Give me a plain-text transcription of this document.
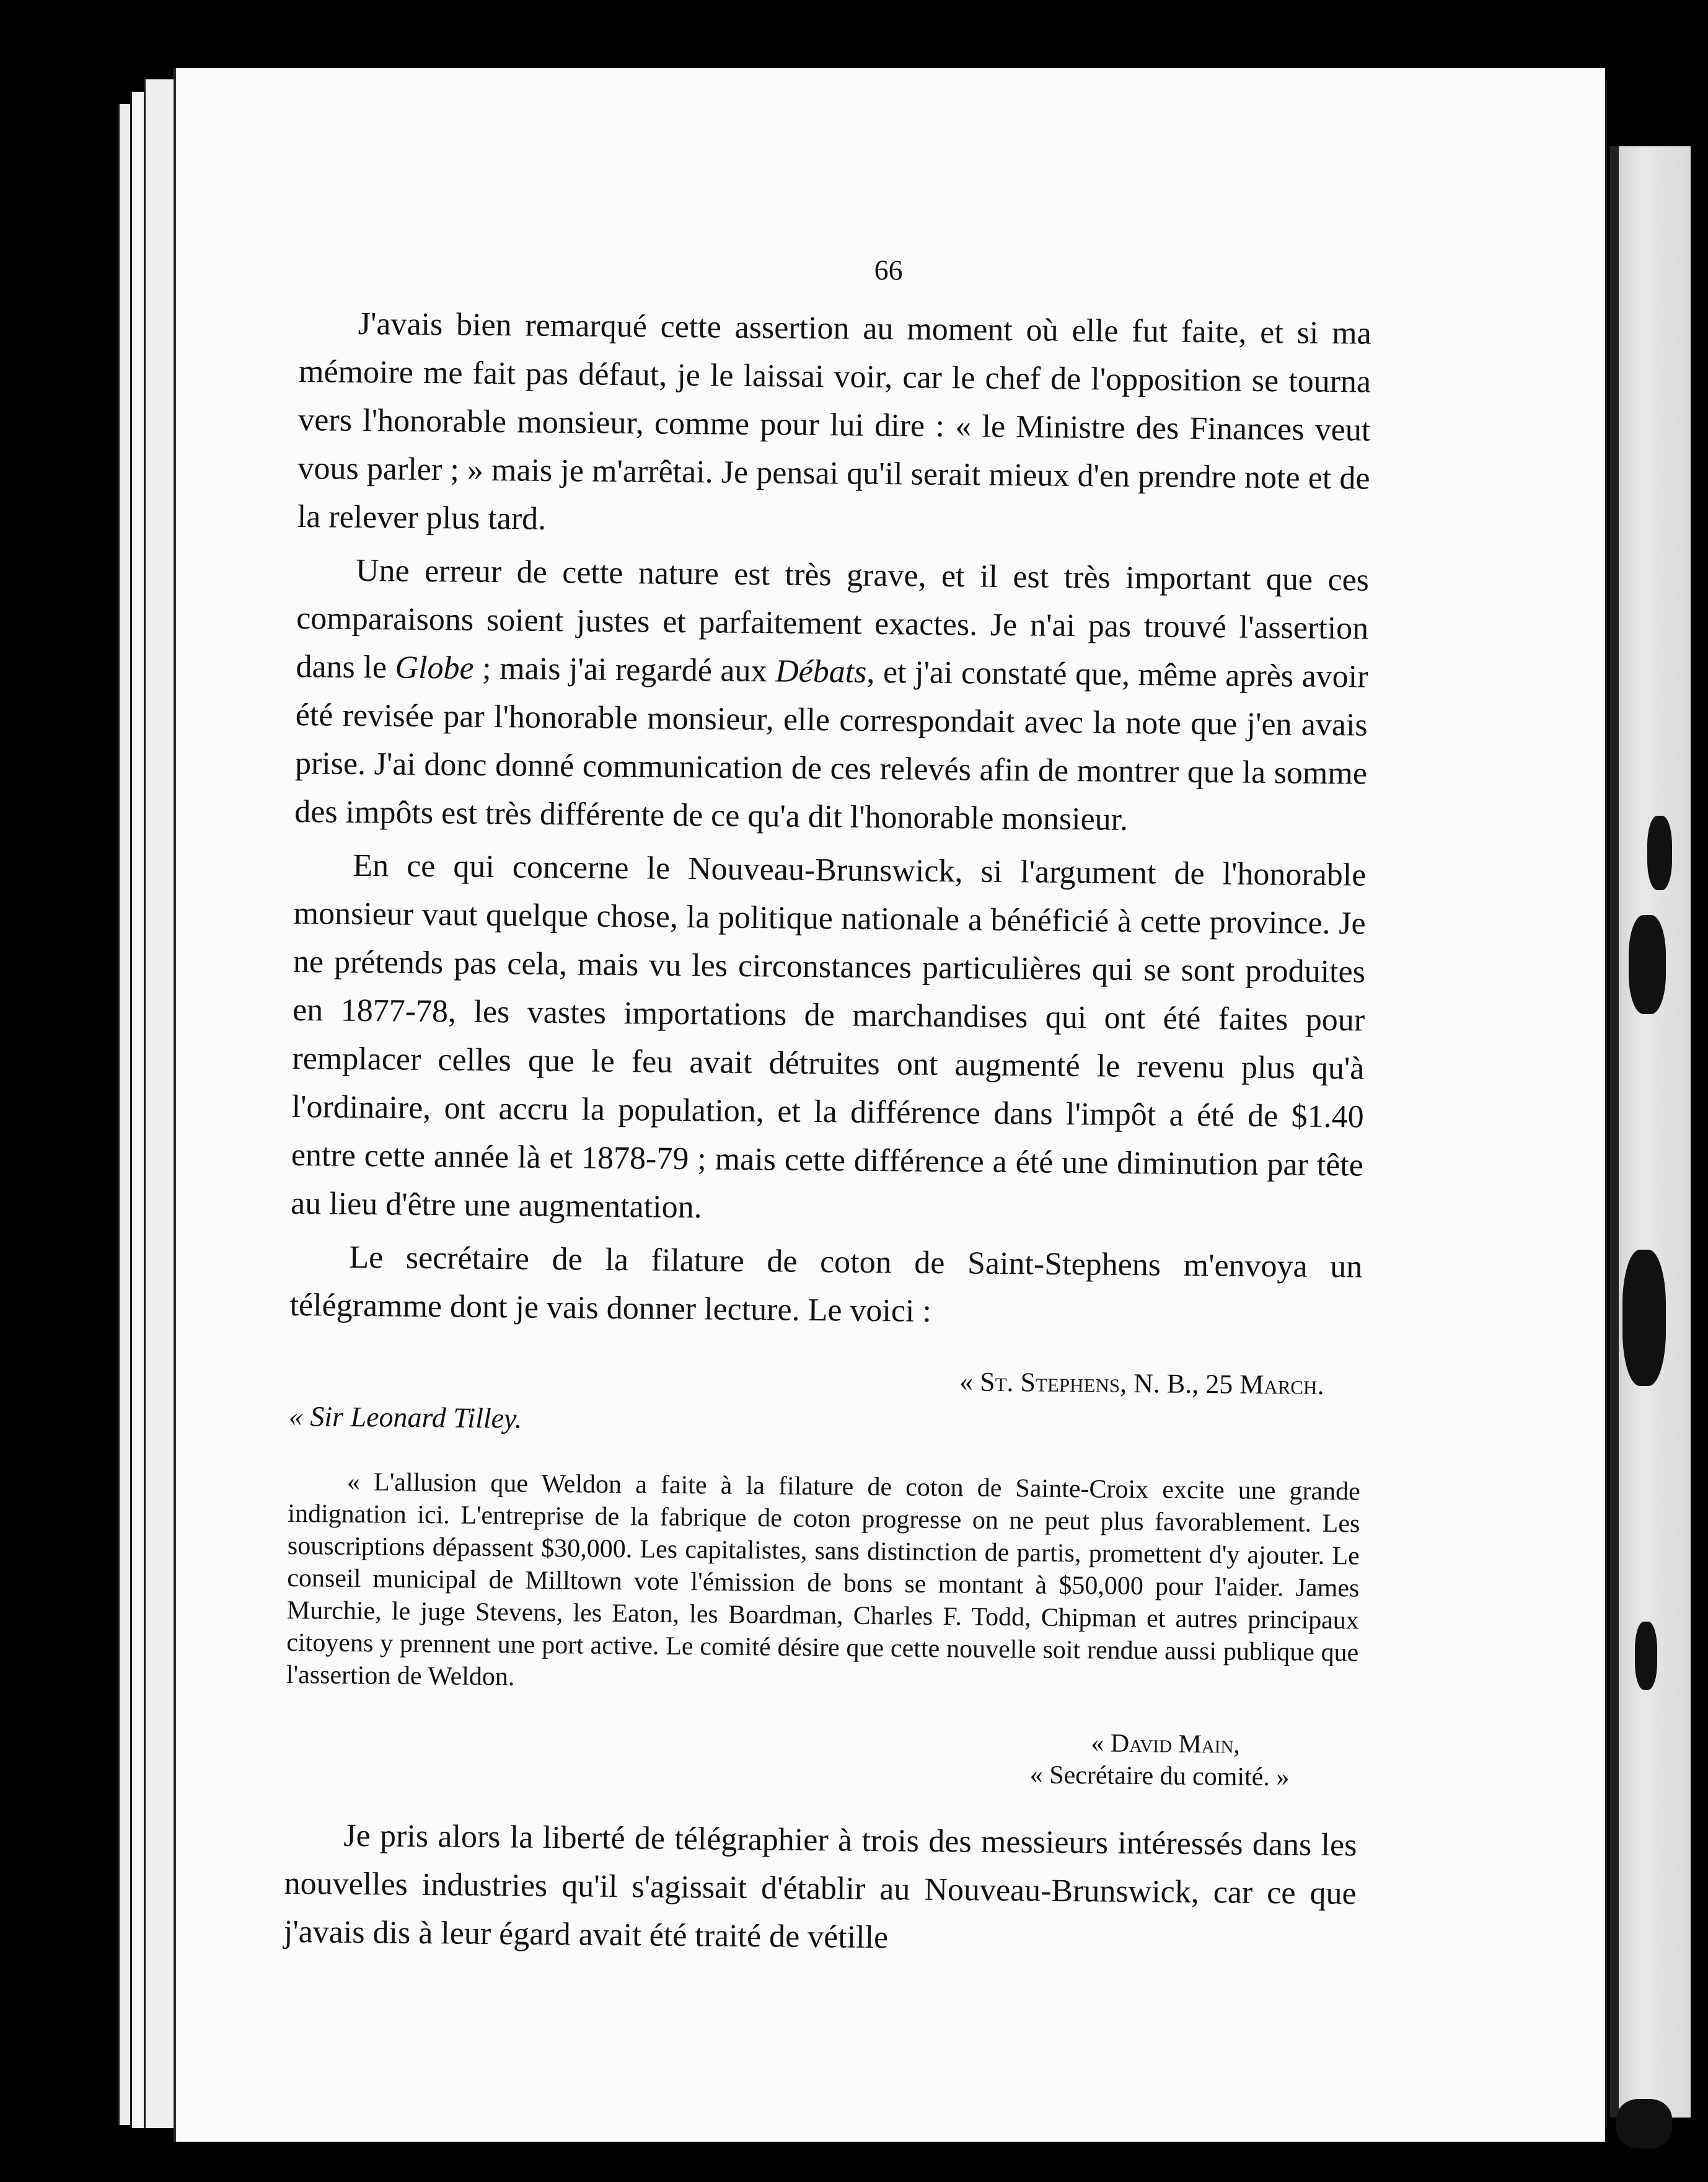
66

J'avais bien remarqué cette assertion au moment où elle fut faite, et si ma mémoire me fait pas défaut, je le laissai voir, car le chef de l'opposition se tourna vers l'honorable monsieur, comme pour lui dire : « le Ministre des Finances veut vous parler ; » mais je m'arrêtai. Je pensai qu'il serait mieux d'en prendre note et de la relever plus tard.

Une erreur de cette nature est très grave, et il est très important que ces comparaisons soient justes et parfaitement exactes. Je n'ai pas trouvé l'assertion dans le Globe ; mais j'ai regardé aux Débats, et j'ai constaté que, même après avoir été revisée par l'honorable monsieur, elle correspondait avec la note que j'en avais prise. J'ai donc donné communication de ces relevés afin de montrer que la somme des impôts est très différente de ce qu'a dit l'honorable monsieur.

En ce qui concerne le Nouveau-Brunswick, si l'argument de l'honorable monsieur vaut quelque chose, la politique nationale a bénéficié à cette province. Je ne prétends pas cela, mais vu les circonstances particulières qui se sont produites en 1877-78, les vastes importations de marchandises qui ont été faites pour remplacer celles que le feu avait détruites ont augmenté le revenu plus qu'à l'ordinaire, ont accru la population, et la différence dans l'impôt a été de $1.40 entre cette année là et 1878-79 ; mais cette différence a été une diminution par tête au lieu d'être une augmentation.

Le secrétaire de la filature de coton de Saint-Stephens m'envoya un télégramme dont je vais donner lecture. Le voici :

« St. Stephens, N. B., 25 March.

« Sir Leonard Tilley.

« L'allusion que Weldon a faite à la filature de coton de Sainte-Croix excite une grande indignation ici. L'entreprise de la fabrique de coton progresse on ne peut plus favorablement. Les souscriptions dépassent $30,000. Les capitalistes, sans distinction de partis, promettent d'y ajouter. Le conseil municipal de Milltown vote l'émission de bons se montant à $50,000 pour l'aider. James Murchie, le juge Stevens, les Eaton, les Boardman, Charles F. Todd, Chipman et autres principaux citoyens y prennent une port active. Le comité désire que cette nouvelle soit rendue aussi publique que l'assertion de Weldon.

« David Main,
« Secrétaire du comité. »

Je pris alors la liberté de télégraphier à trois des messieurs intéressés dans les nouvelles industries qu'il s'agissait d'établir au Nouveau-Brunswick, car ce que j'avais dis à leur égard avait été traité de vétille
